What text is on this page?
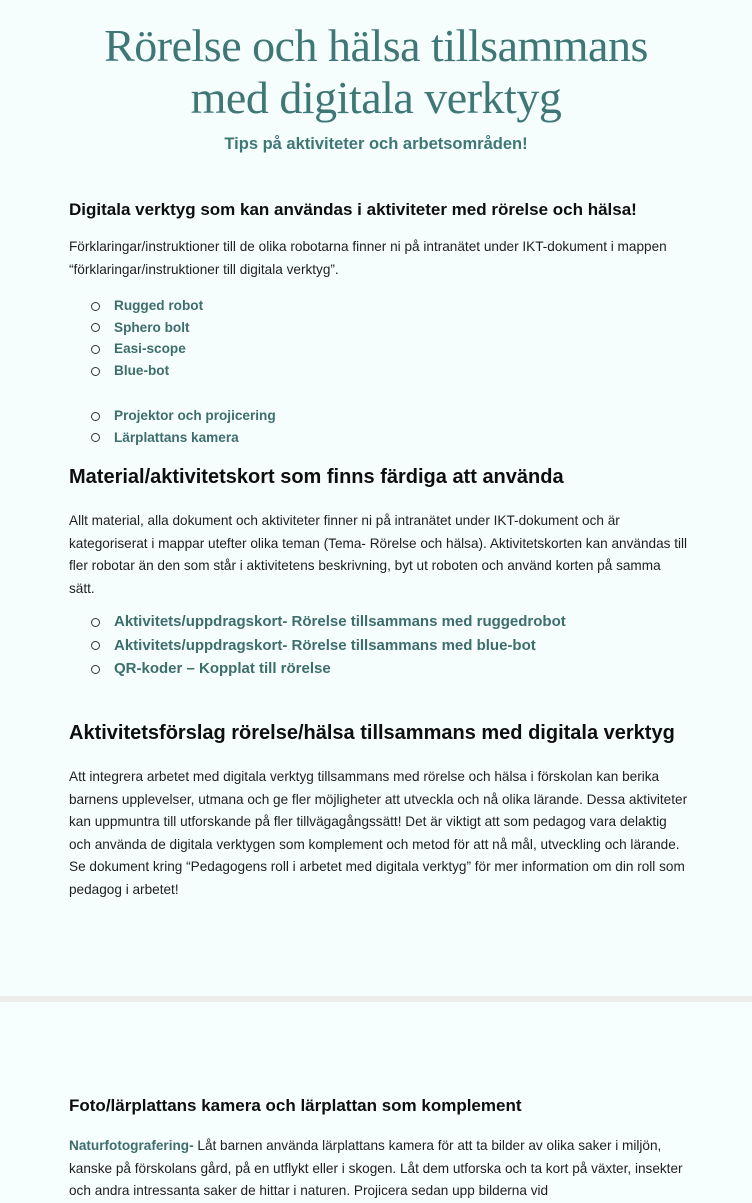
Rörelse och hälsa tillsammans
med digitala verktyg

Tips på aktiviteter och arbetsområden!

Digitala verktyg som kan användas i aktiviteter med rörelse och hälsa!

Förklaringar/instruktioner till de olika robotarna finner ni på intranätet under IKT-dokument i mappen “förklaringar/instruktioner till digitala verktyg”.

Rugged robot
Sphero bolt
Easi-scope
Blue-bot
Projektor och projicering
Lärplattans kamera
Material/aktivitetskort som finns färdiga att använda

Allt material, alla dokument och aktiviteter finner ni på intranätet under IKT-dokument och är kategoriserat i mappar utefter olika teman (Tema- Rörelse och hälsa). Aktivitetskorten kan användas till fler robotar än den som står i aktivitetens beskrivning, byt ut roboten och använd korten på samma sätt.

Aktivitets/uppdragskort- Rörelse tillsammans med ruggedrobot
Aktivitets/uppdragskort- Rörelse tillsammans med blue-bot
QR-koder – Kopplat till rörelse
Aktivitetsförslag rörelse/hälsa tillsammans med digitala verktyg

Att integrera arbetet med digitala verktyg tillsammans med rörelse och hälsa i förskolan kan berika barnens upplevelser, utmana och ge fler möjligheter att utveckla och nå olika lärande. Dessa aktiviteter kan uppmuntra till utforskande på fler tillvägagångssätt! Det är viktigt att som pedagog vara delaktig och använda de digitala verktygen som komplement och metod för att nå mål, utveckling och lärande. Se dokument kring “Pedagogens roll i arbetet med digitala verktyg” för mer information om din roll som pedagog i arbetet!

Foto/lärplattans kamera och lärplattan som komplement

Naturfotografering- Låt barnen använda lärplattans kamera för att ta bilder av olika saker i miljön, kanske på förskolans gård, på en utflykt eller i skogen. Låt dem utforska och ta kort på växter, insekter och andra intressanta saker de hittar i naturen. Projicera sedan upp bilderna vid
